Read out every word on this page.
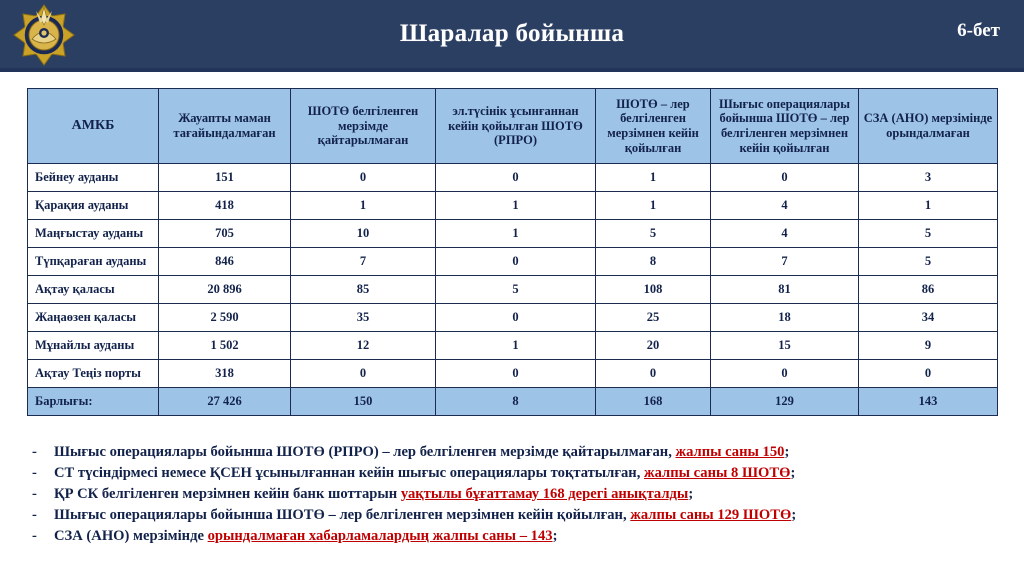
Шаралар бойынша	6-бет
АМКБ	Жауапты маман тағайындалмаған	ШОТӨ белгіленген мерзімде қайтарылмаған	эл.түсінік ұсынғаннан кейін қойылған ШОТӨ (РПРО)	ШОТӨ – лер белгіленген мерзімнен кейін қойылған	Шығыс операциялары бойынша ШОТӨ – лер белгіленген мерзімнен кейін қойылған	СЗА (АНО) мерзімінде орындалмаған
Бейнеу ауданы	151	0	0	1	0	3
Қарақия ауданы	418	1	1	1	4	1
Маңғыстау ауданы	705	10	1	5	4	5
Түпқараған ауданы	846	7	0	8	7	5
Ақтау қаласы	20 896	85	5	108	81	86
Жаңаөзен қаласы	2 590	35	0	25	18	34
Мұнайлы ауданы	1 502	12	1	20	15	9
Ақтау Теңіз порты	318	0	0	0	0	0
Барлығы:	27 426	150	8	168	129	143
-	Шығыс операциялары бойынша ШОТӨ (РПРО) – лер белгіленген мерзімде қайтарылмаған, жалпы саны 150;
-	СТ түсіндірмесі немесе ҚСЕН ұсынылғаннан кейін шығыс операциялары тоқтатылған, жалпы саны 8 ШОТӨ;
-	ҚР СК белгіленген мерзімнен кейін банк шоттарын уақтылы бұғаттамау 168 дерегі анықталды;
-	Шығыс операциялары бойынша ШОТӨ – лер белгіленген мерзімнен кейін қойылған, жалпы саны 129 ШОТӨ;
-	СЗА (АНО) мерзімінде орындалмаған хабарламалардың жалпы саны – 143;
